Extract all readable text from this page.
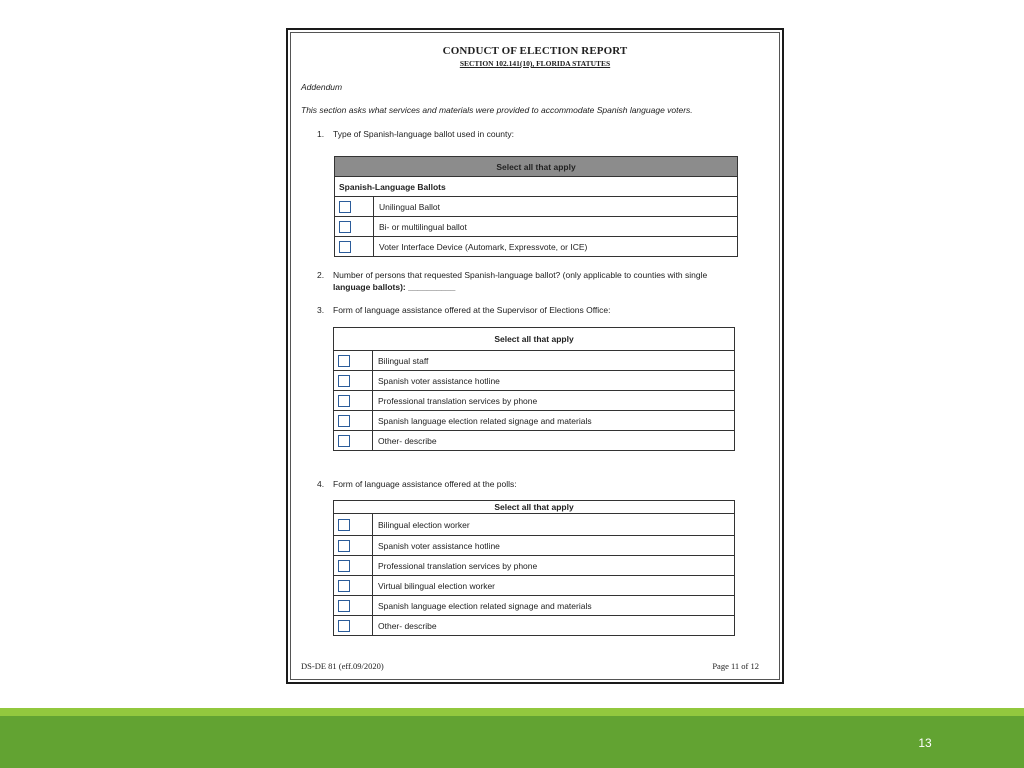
CONDUCT OF ELECTION REPORT
SECTION 102.141(10), FLORIDA STATUTES
Addendum
This section asks what services and materials were provided to accommodate Spanish language voters.
1. Type of Spanish-language ballot used in county:
Select all that apply	
Spanish-Language Ballots	
	Unilingual Ballot
	Bi- or multilingual ballot
	Voter Interface Device (Automark, Expressvote, or ICE)
2. Number of persons that requested Spanish-language ballot? (only applicable to counties with single
language ballots): __________
3. Form of language assistance offered at the Supervisor of Elections Office:
Select all that apply	
	Bilingual staff
	Spanish voter assistance hotline
	Professional translation services by phone
	Spanish language election related signage and materials
	Other- describe
4. Form of language assistance offered at the polls:
Select all that apply	
	Bilingual election worker
	Spanish voter assistance hotline
	Professional translation services by phone
	Virtual bilingual election worker
	Spanish language election related signage and materials
	Other- describe
DS-DE 81 (eff.09/2020)	Page 11 of 12
13
